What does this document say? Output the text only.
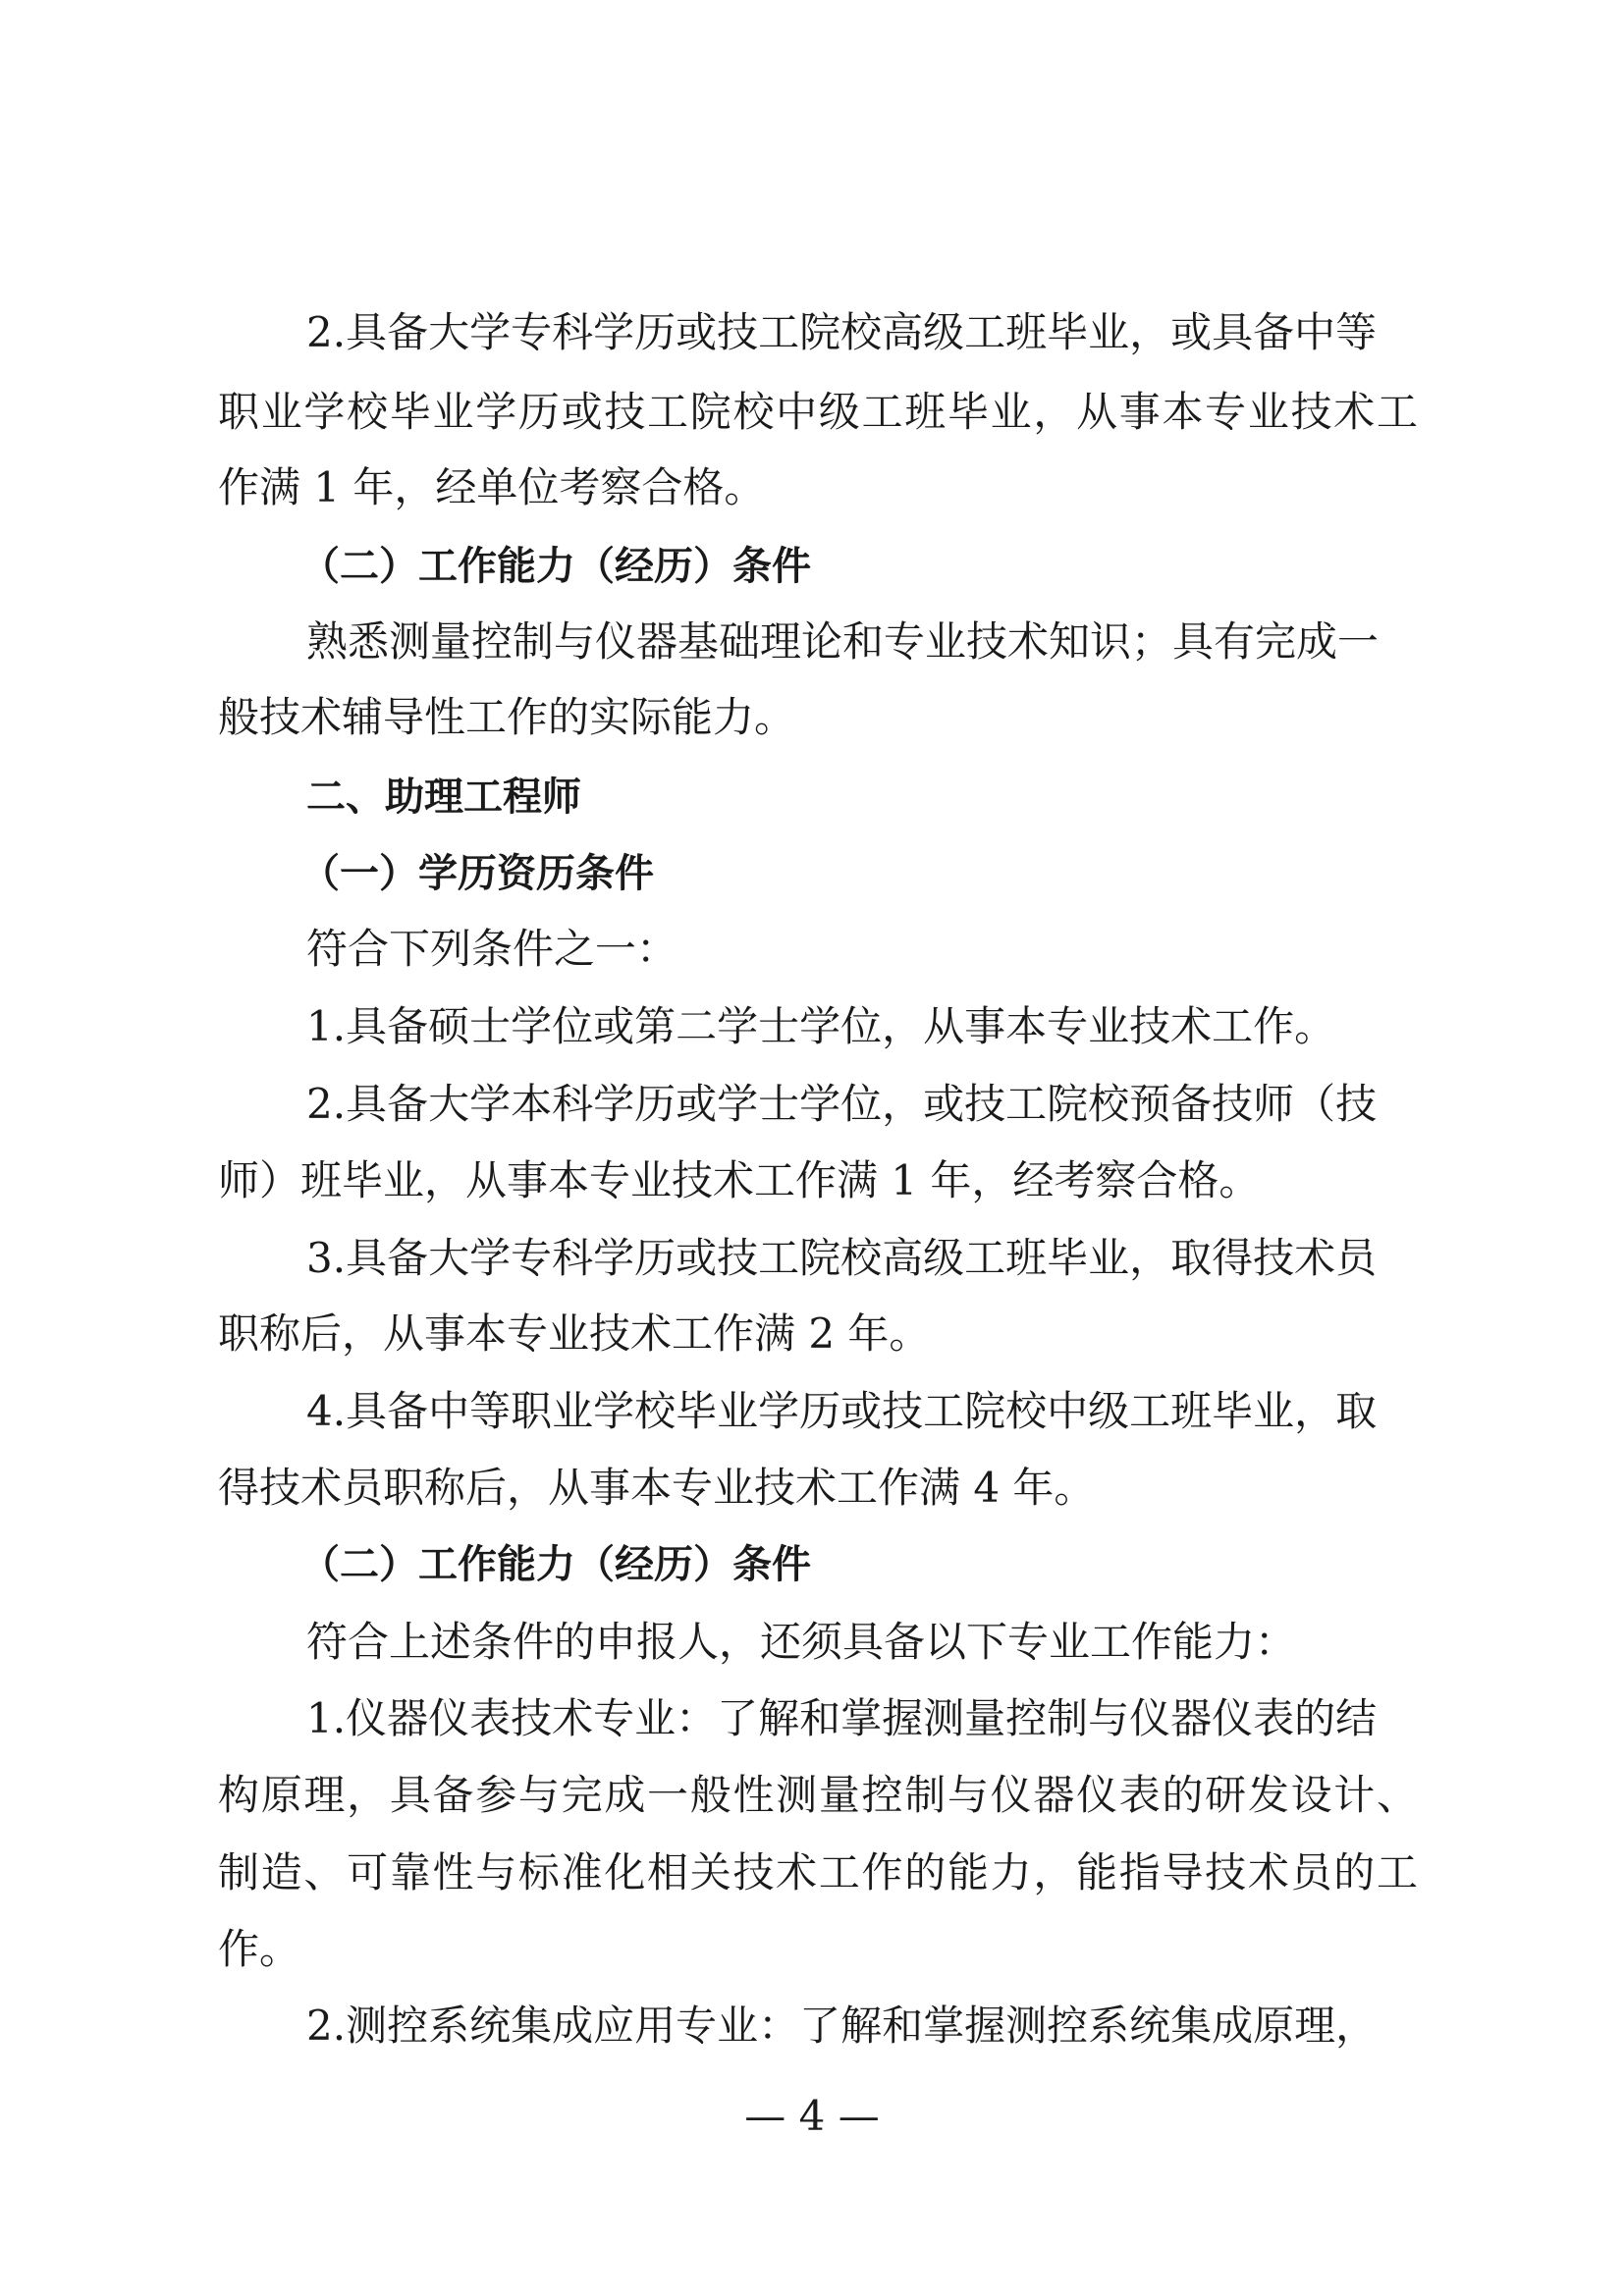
2.具备大学专科学历或技工院校高级工班毕业，或具备中等
职业学校毕业学历或技工院校中级工班毕业，从事本专业技术工
作满 1 年，经单位考察合格。
（二）工作能力（经历）条件
熟悉测量控制与仪器基础理论和专业技术知识；具有完成一
般技术辅导性工作的实际能力。
二、助理工程师
（一）学历资历条件
符合下列条件之一：
1.具备硕士学位或第二学士学位，从事本专业技术工作。
2.具备大学本科学历或学士学位，或技工院校预备技师（技
师）班毕业，从事本专业技术工作满 1 年，经考察合格。
3.具备大学专科学历或技工院校高级工班毕业，取得技术员
职称后，从事本专业技术工作满 2 年。
4.具备中等职业学校毕业学历或技工院校中级工班毕业，取
得技术员职称后，从事本专业技术工作满 4 年。
（二）工作能力（经历）条件
符合上述条件的申报人，还须具备以下专业工作能力：
1.仪器仪表技术专业：了解和掌握测量控制与仪器仪表的结
构原理，具备参与完成一般性测量控制与仪器仪表的研发设计、
制造、可靠性与标准化相关技术工作的能力，能指导技术员的工
作。
2.测控系统集成应用专业：了解和掌握测控系统集成原理，
— 4 —
